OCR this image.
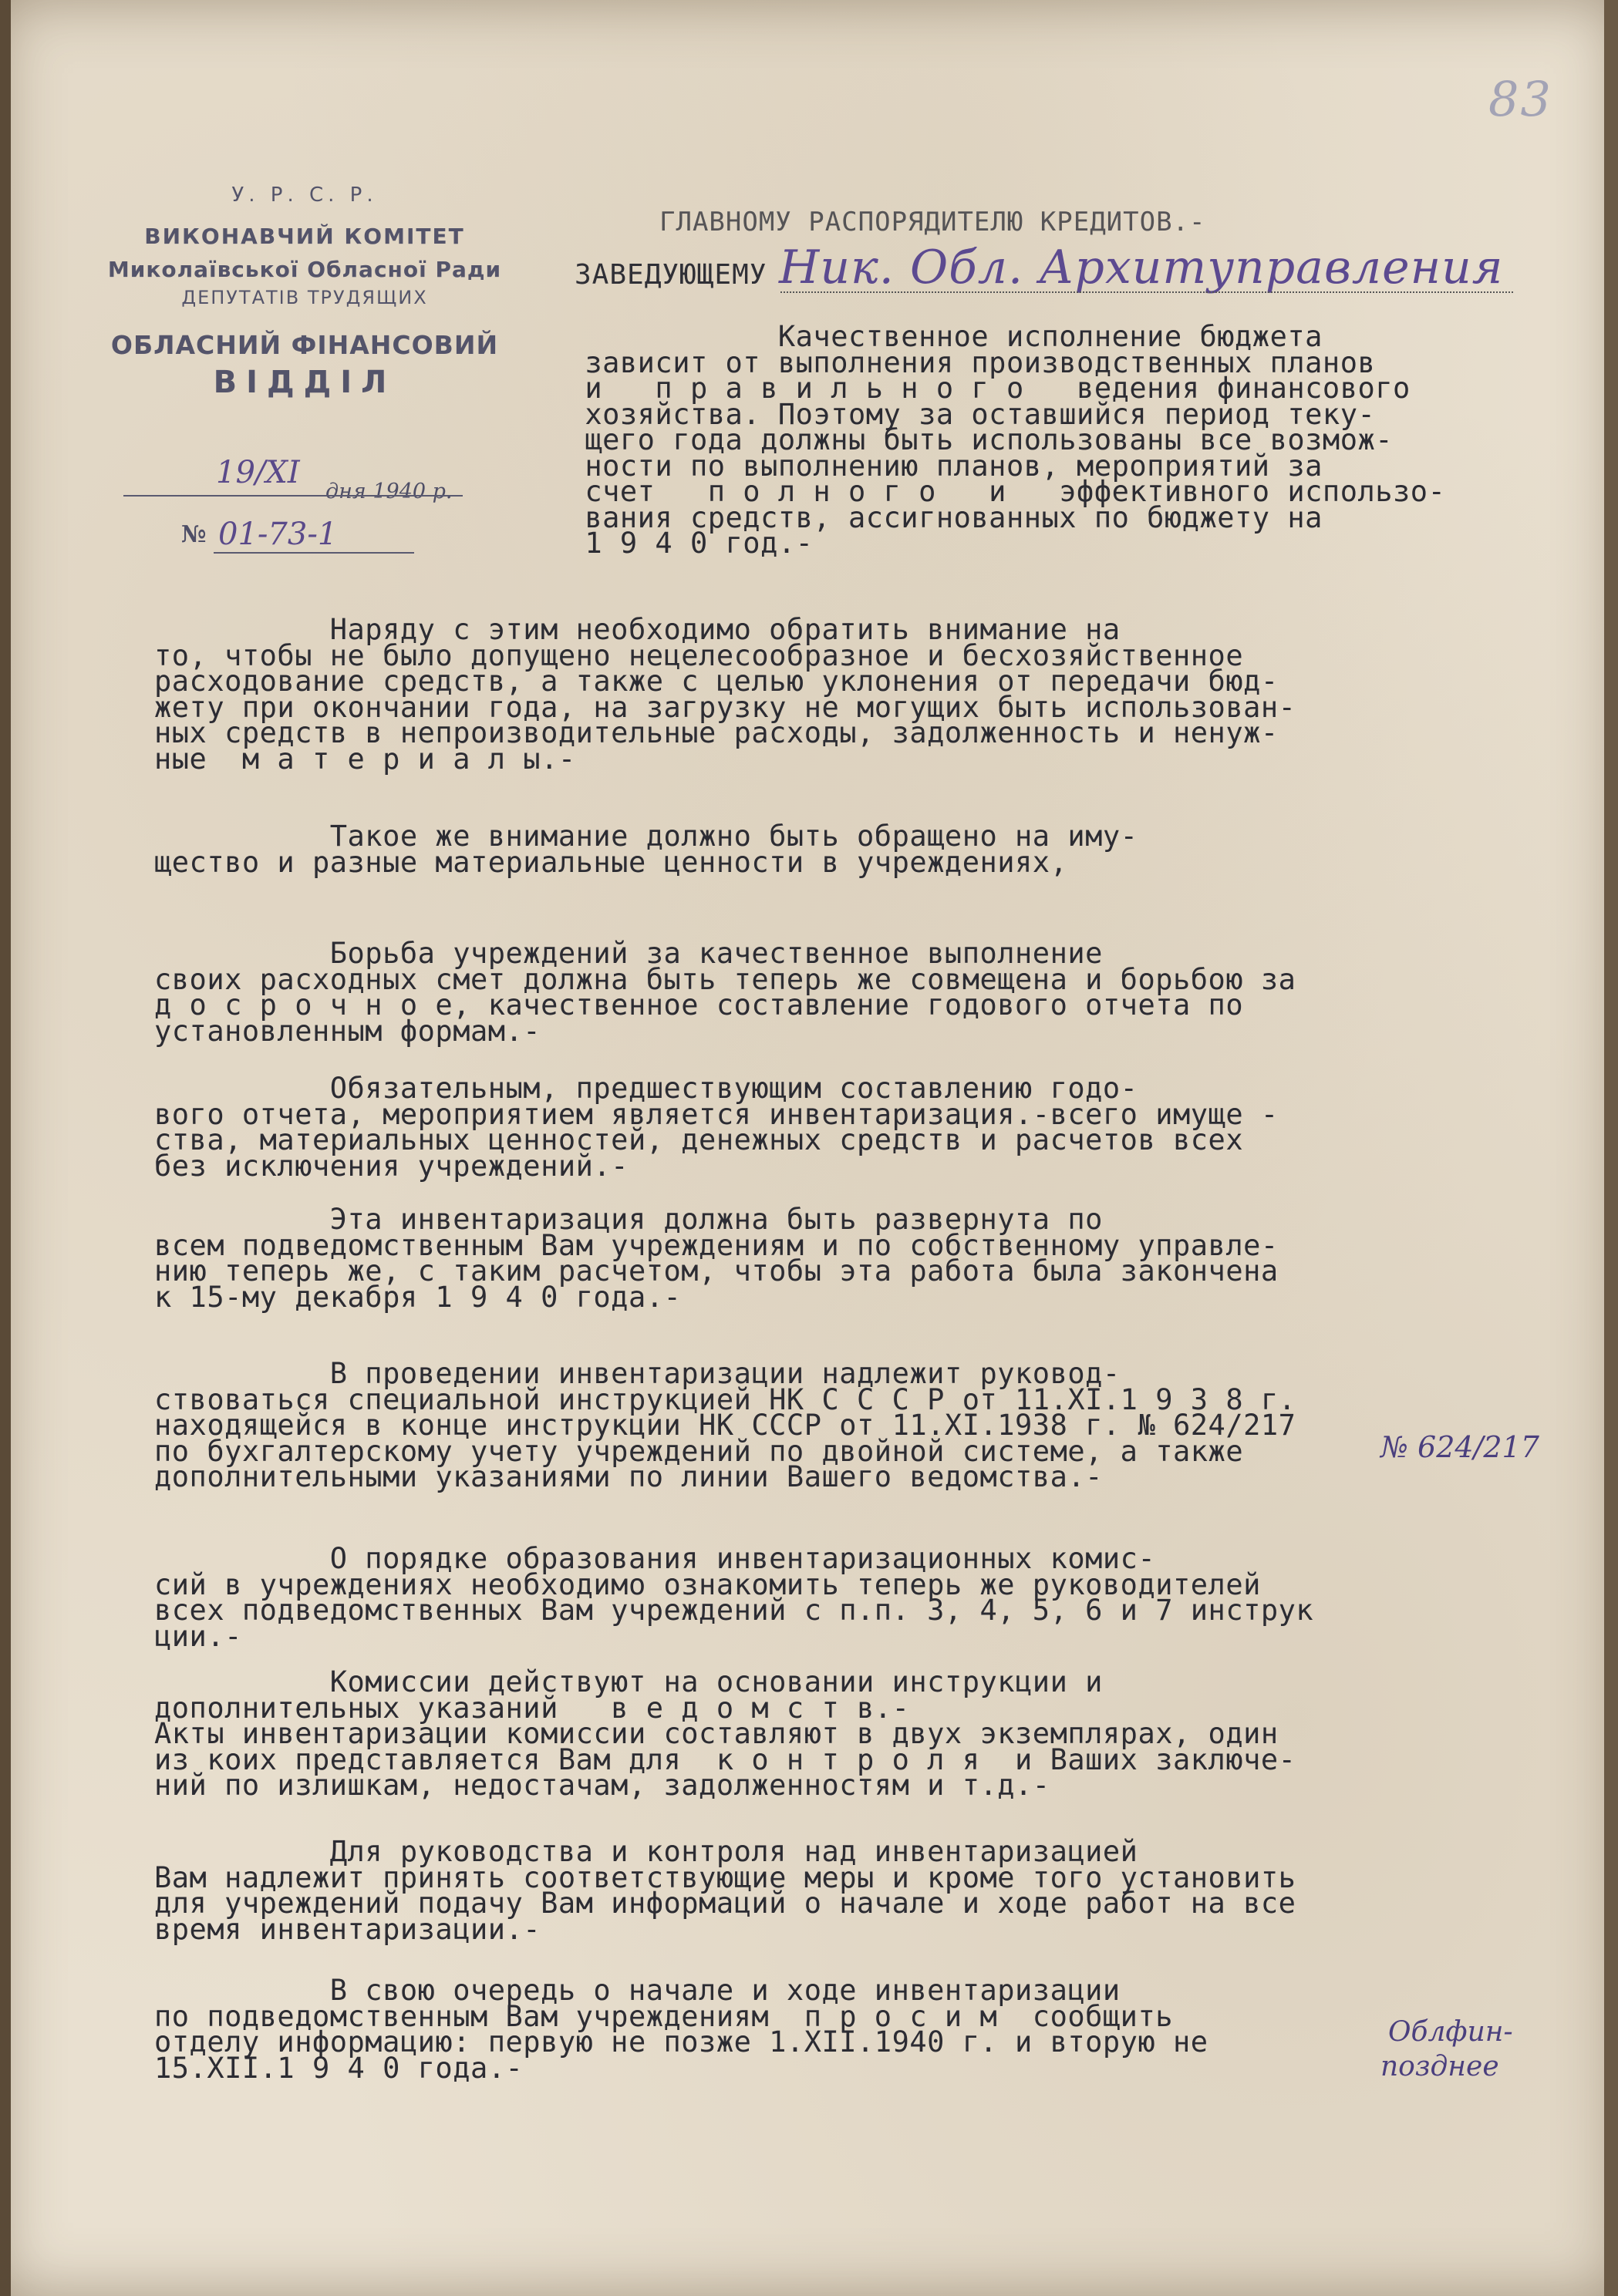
83
У. Р. С. Р.
ВИКОНАВЧИЙ КОМІТЕТ
Миколаївської Обласної Ради
ДЕПУТАТІВ ТРУДЯЩИХ
ОБЛАСНИЙ ФІНАНСОВИЙ
ВІДДІЛ
19/XI
дня 1940 р.
№ 01-73-1
ГЛАВНОМУ РАСПОРЯДИТЕЛЮ КРЕДИТОВ.-
ЗАВЕДУЮЩЕМУ Ник. Обл. Архитуправления
Качественное исполнение бюджета
зависит от выполнения производственных планов
и   п р а в и л ь н о г о   ведения финансового
хозяйства. Поэтому за оставшийся период теку-
щего года должны быть использованы все возмож-
ности по выполнению планов, мероприятий за
счет   п о л н о г о   и   эффективного использо-
вания средств, ассигнованных по бюджету на
1 9 4 0 год.-
Наряду с этим необходимо обратить внимание на
то, чтобы не было допущено нецелесообразное и бесхозяйственное
расходование средств, а также с целью уклонения от передачи бюд-
жету при окончании года, на загрузку не могущих быть использован-
ных средств в непроизводительные расходы, задолженность и ненуж-
ные  м а т е р и а л ы.-
Такое же внимание должно быть обращено на иму-
щество и разные материальные ценности в учреждениях,
Борьба учреждений за качественное выполнение
своих расходных смет должна быть теперь же совмещена и борьбою за
д о с р о ч н о е, качественное составление годового отчета по
установленным формам.-
Обязательным, предшествующим составлению годо-
вого отчета, мероприятием является инвентаризация.-всего имуще -
ства, материальных ценностей, денежных средств и расчетов всех
без исключения учреждений.-
Эта инвентаризация должна быть развернута по
всем подведомственным Вам учреждениям и по собственному управле-
нию теперь же, с таким расчетом, чтобы эта работа была закончена
к 15-му декабря 1 9 4 0 года.-
В проведении инвентаризации надлежит руковод-
ствоваться специальной инструкцией НК С С С Р от 11.XI.1 9 3 8 г.
находящейся в конце инструкции НК СССР от 11.XI.1938 г. № 624/217
по бухгалтерскому учету учреждений по двойной системе, а также
дополнительными указаниями по линии Вашего ведомства.-
О порядке образования инвентаризационных комис-
сий в учреждениях необходимо ознакомить теперь же руководителей
всех подведомственных Вам учреждений с п.п. 3, 4, 5, 6 и 7 инструк
ции.-
Комиссии действуют на основании инструкции и
дополнительных указаний   в е д о м с т в.-
Акты инвентаризации комиссии составляют в двух экземплярах, один
из коих представляется Вам для  к о н т р о л я  и Ваших заключе-
ний по излишкам, недостачам, задолженностям и т.д.-
Для руководства и контроля над инвентаризацией
Вам надлежит принять соответствующие меры и кроме того установить
для учреждений подачу Вам информаций о начале и ходе работ на все
время инвентаризации.-
В свою очередь о начале и ходе инвентаризации
по подведомственным Вам учреждениям  п р о с и м  сообщить
отделу информацию: первую не позже 1.XII.1940 г. и вторую не
15.XII.1 9 4 0 года.-
№ 624/217
Облфин-
позднее
